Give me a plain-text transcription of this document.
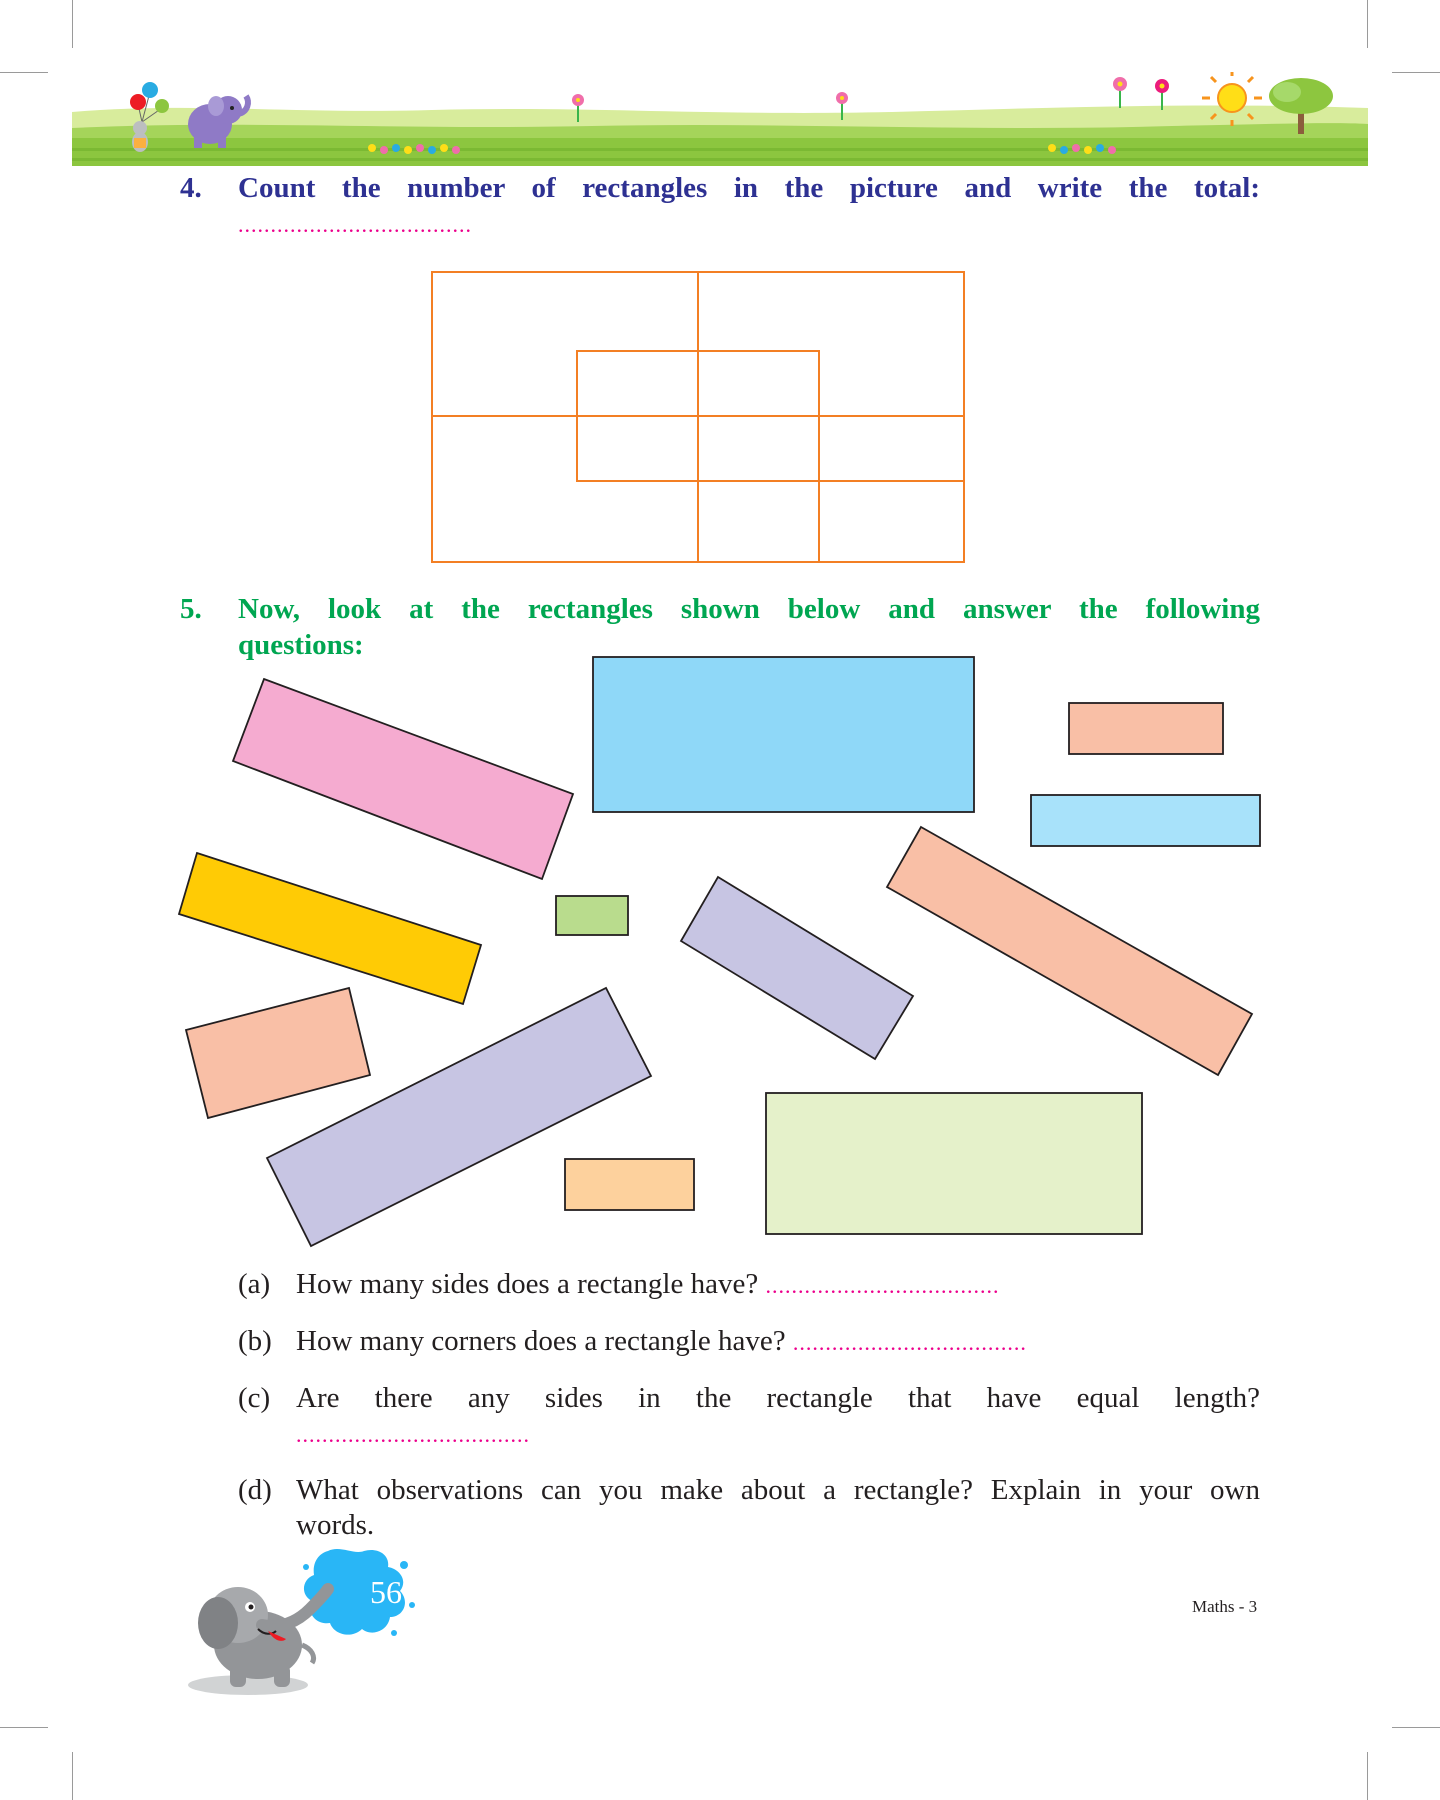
4. Count the number of rectangles in the picture and write the total:
....................................
5. Now, look at the rectangles shown below and answer the following
questions:
(a) How many sides does a rectangle have? ....................................
(b) How many corners does a rectangle have? ....................................
(c) Are there any sides in the rectangle that have equal length?
....................................
(d) What observations can you make about a rectangle? Explain in your own
words.
56	Maths - 3
